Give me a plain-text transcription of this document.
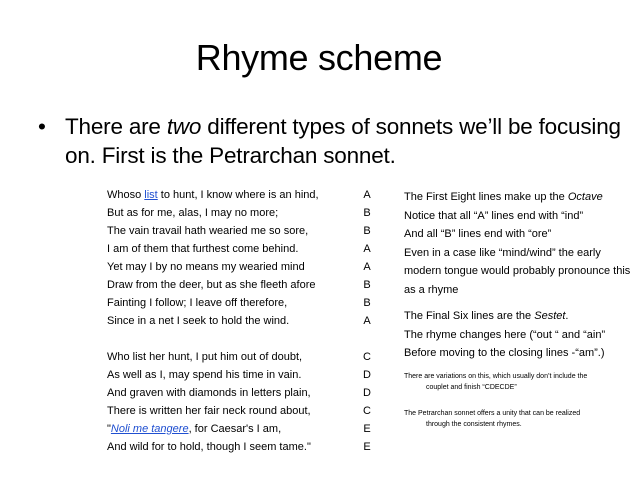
Rhyme scheme
• There are two different types of sonnets we’ll be focusing on. First is the Petrarchan sonnet.
Whoso list to hunt, I know where is an hind,
But as for me, alas, I may no more;
The vain travail hath wearied me so sore,
I am of them that furthest come behind.
Yet may I by no means my wearied mind
Draw from the deer, but as she fleeth afore
Fainting I follow; I leave off therefore,
Since in a net I seek to hold the wind.
Who list her hunt, I put him out of doubt,
As well as I, may spend his time in vain.
And graven with diamonds in letters plain,
There is written her fair neck round about,
"Noli me tangere, for Caesar's I am,
And wild for to hold, though I seem tame."
A
B
B
A
A
B
B
A
C
D
D
C
E
E
The First Eight lines make up the Octave
Notice that all “A” lines end with “ind”
And all “B” lines end with “ore”
Even in a case like “mind/wind” the early modern tongue would probably pronounce this as a rhyme
The Final Six lines are the Sestet.
The rhyme changes here (“out “ and “ain”
Before moving to the closing lines -“am”.)
There are variations on this, which usually don’t include the
couplet and finish “CDECDE”
The Petrarchan sonnet offers a unity that can be realized
through the consistent rhymes.
